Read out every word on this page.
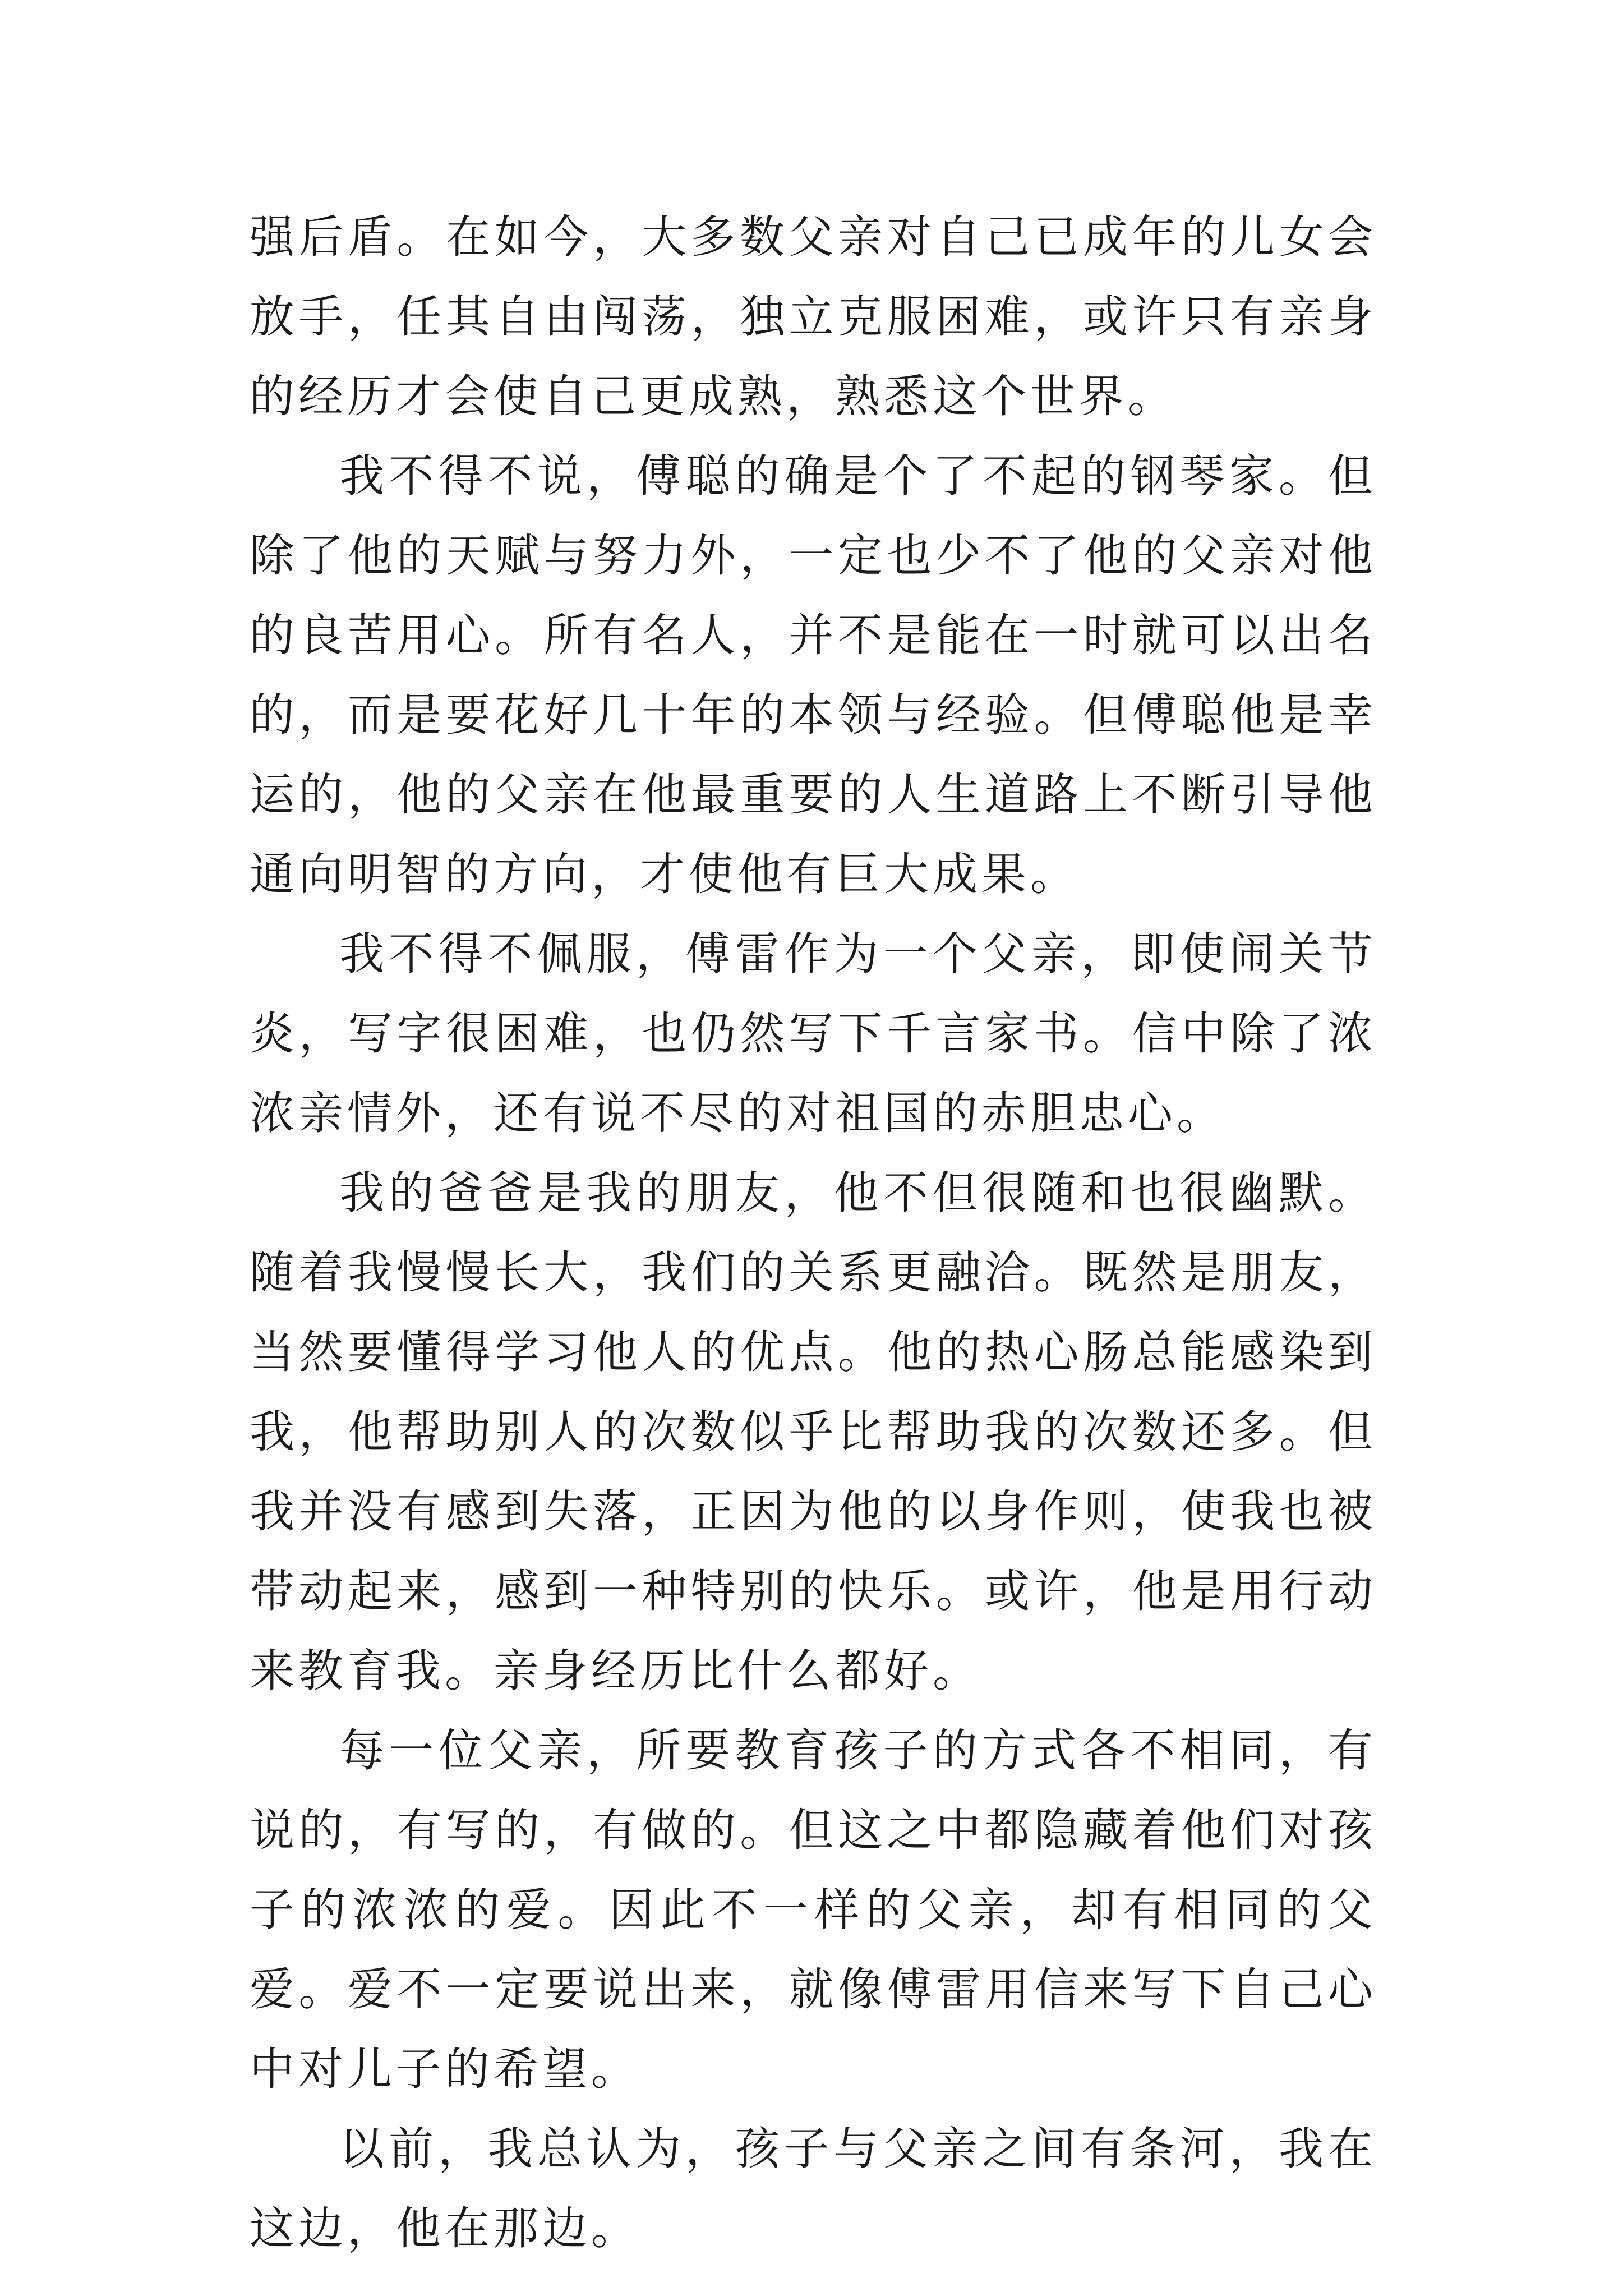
强后盾。在如今，大多数父亲对自己已成年的儿女会放手，任其自由闯荡，独立克服困难，或许只有亲身的经历才会使自己更成熟，熟悉这个世界。

我不得不说，傅聪的确是个了不起的钢琴家。但除了他的天赋与努力外，一定也少不了他的父亲对他的良苦用心。所有名人，并不是能在一时就可以出名的，而是要花好几十年的本领与经验。但傅聪他是幸运的，他的父亲在他最重要的人生道路上不断引导他通向明智的方向，才使他有巨大成果。

我不得不佩服，傅雷作为一个父亲，即使闹关节炎，写字很困难，也仍然写下千言家书。信中除了浓浓亲情外，还有说不尽的对祖国的赤胆忠心。

我的爸爸是我的朋友，他不但很随和也很幽默。随着我慢慢长大，我们的关系更融洽。既然是朋友，当然要懂得学习他人的优点。他的热心肠总能感染到我，他帮助别人的次数似乎比帮助我的次数还多。但我并没有感到失落，正因为他的以身作则，使我也被带动起来，感到一种特别的快乐。或许，他是用行动来教育我。亲身经历比什么都好。

每一位父亲，所要教育孩子的方式各不相同，有说的，有写的，有做的。但这之中都隐藏着他们对孩子的浓浓的爱。因此不一样的父亲，却有相同的父爱。爱不一定要说出来，就像傅雷用信来写下自己心中对儿子的希望。

以前，我总认为，孩子与父亲之间有条河，我在这边，他在那边。
